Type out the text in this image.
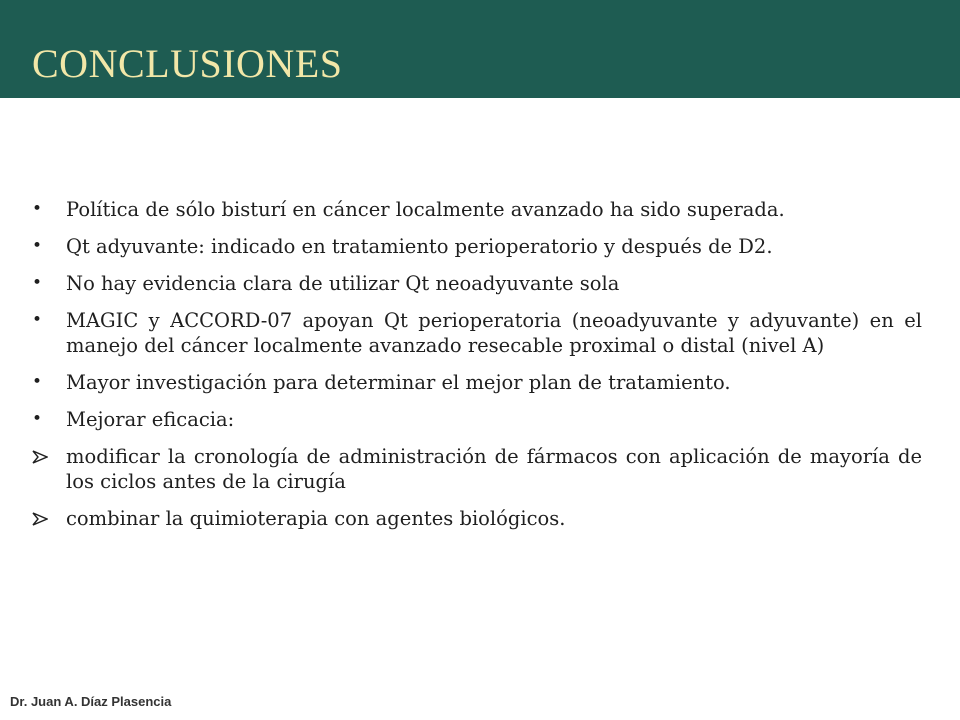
CONCLUSIONES
Política de sólo bisturí en cáncer localmente avanzado ha sido superada.
Qt adyuvante: indicado en tratamiento perioperatorio y después de D2.
No hay evidencia clara de utilizar Qt neoadyuvante sola
MAGIC y ACCORD-07 apoyan Qt perioperatoria (neoadyuvante y adyuvante) en el manejo del cáncer localmente avanzado resecable proximal o distal (nivel A)
Mayor investigación para determinar el mejor plan de tratamiento.
Mejorar eficacia:
modificar la cronología de administración de fármacos con aplicación de mayoría de los ciclos antes de la cirugía
combinar la quimioterapia con agentes biológicos.
Dr. Juan A. Díaz Plasencia
